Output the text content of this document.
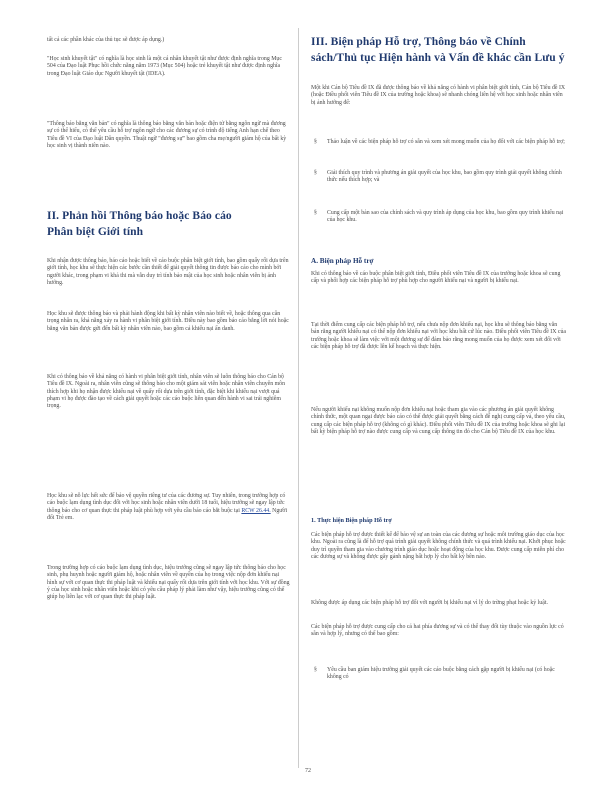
tất cả các phần khác của thủ tục sẽ được áp dụng.)

"Học sinh khuyết tật" có nghĩa là học sinh là một cá nhân khuyết tật như được định nghĩa trong Mục 504 của Đạo luật Phục hồi chức năng năm 1973 (Mục 504) hoặc trẻ khuyết tật như được định nghĩa trong Đạo luật Giáo dục Người khuyết tật (IDEA).

"Thông báo bằng văn bản" có nghĩa là thông báo bằng văn bản hoặc điện tử bằng ngôn ngữ mà đương sự có thể hiểu, có thể yêu cầu hỗ trợ ngôn ngữ cho các đương sự có trình độ tiếng Anh hạn chế theo Tiêu đề VI của Đạo luật Dân quyền. Thuật ngữ "đương sự" bao gồm cha mẹ/người giám hộ của bất kỳ học sinh vị thành niên nào.

II. Phản hồi Thông báo hoặc Báo cáo Phân biệt Giới tính

Khi nhận được thông báo, báo cáo hoặc biết về cáo buộc phân biệt giới tính, bao gồm quấy rối dựa trên giới tính, học khu sẽ thực hiện các bước cần thiết để giải quyết thông tin được báo cáo cho mình bởi người khác, trong phạm vi khả thi mà vẫn duy trì tính bảo mật của học sinh hoặc nhân viên bị ảnh hưởng.

Học khu sẽ được thông báo và phải hành động khi bất kỳ nhân viên nào biết về, hoặc thông qua cân trọng nhân ra, khả năng xảy ra hành vi phân biệt giới tính. Điều này bao gồm báo cáo bằng lời nói hoặc bằng văn bản được gửi đến bất kỳ nhân viên nào, bao gồm cả khiếu nại ẩn danh.

Khi có thông báo về khả năng có hành vi phân biệt giới tính, nhân viên sẽ luôn thông báo cho Cán bộ Tiêu đề IX. Ngoài ra, nhân viên cũng sẽ thông báo cho một giám sát viên hoặc nhân viên chuyên môn thích hợp khi họ nhận được khiếu nại về quấy rối dựa trên giới tính, đặc biệt khi khiếu nại vượt quá phạm vi họ được đào tạo về cách giải quyết hoặc các cáo buộc liên quan đến hành vi sai trái nghiêm trọng.

Học khu sẽ nỗ lực hết sức để bảo vệ quyền riêng tư của các đương sự. Tuy nhiên, trong trường hợp có cáo buộc lạm dụng tình dục đối với học sinh hoặc nhân viên dưới 18 tuổi, hiệu trưởng sẽ ngay lập tức thông báo cho cơ quan thực thi pháp luật phù hợp với yêu cầu báo cáo bắt buộc tại RCW 26.44. Người đối Trẻ em.

Trong trường hợp có cáo buộc lạm dụng tình dục, hiệu trưởng cũng sẽ ngay lập tức thông báo cho học sinh, phụ huynh hoặc người giám hộ, hoặc nhân viên về quyền của họ trong việc nộp đơn khiếu nại hình sự với cơ quan thực thi pháp luật và khiếu nại quấy rối dựa trên giới tính với học khu. Với sự đồng ý của học sinh hoặc nhân viên hoặc khi có yêu cầu pháp lý phải làm như vậy, hiệu trưởng cũng có thể giúp họ liên lạc với cơ quan thực thi pháp luật.

III. Biện pháp Hỗ trợ, Thông báo về Chính sách/Thủ tục Hiện hành và Vấn đề khác cần Lưu ý

Một khi Cán bộ Tiêu đề IX đã được thông báo về khả năng có hành vi phân biệt giới tính, Cán bộ Tiêu đề IX (hoặc Điều phối viên Tiêu đề IX của trường hoặc khoa) sẽ nhanh chóng liên hệ với học sinh hoặc nhân viên bị ảnh hưởng để:

§ Thảo luận về các biện pháp hỗ trợ có sẵn và xem xét mong muốn của họ đối với các biện pháp hỗ trợ;

§ Giải thích quy trình và phương án giải quyết của học khu, bao gồm quy trình giải quyết không chính thức nếu thích hợp; và

§ Cung cấp một bản sao của chính sách và quy trình áp dụng của học khu, bao gồm quy trình khiếu nại của học khu.

A. Biện pháp Hỗ trợ

Khi có thông báo về cáo buộc phân biệt giới tính, Điều phối viên Tiêu đề IX của trường hoặc khoa sẽ cung cấp và phối hợp các biện pháp hỗ trợ phù hợp cho người khiếu nại và người bị khiếu nại.

Tại thời điểm cung cấp các biện pháp hỗ trợ, nếu chưa nộp đơn khiếu nại, học khu sẽ thông báo bằng văn bản rằng người khiếu nại có thể nộp đơn khiếu nại với học khu bất cứ lúc nào. Điều phối viên Tiêu đề IX của trường hoặc khoa sẽ làm việc với một đương sự để đảm bảo rằng mong muốn của họ được xem xét đối với các biện pháp hỗ trợ đã được lên kế hoạch và thực hiện.

Nếu người khiếu nại không muốn nộp đơn khiếu nại hoặc tham gia vào các phương án giải quyết không chính thức, một quan ngại được báo cáo có thể được giải quyết bằng cách để nghị cung cấp và, theo yêu cầu, cung cấp các biện pháp hỗ trợ (không có gì khác). Điều phối viên Tiêu đề IX của trường hoặc khoa sẽ ghi lại bất kỳ biện pháp hỗ trợ nào được cung cấp và cung cấp thông tin đó cho Cán bộ Tiêu đề IX của học khu.

1. Thực hiện Biện pháp Hỗ trợ

Các biện pháp hỗ trợ được thiết kế để bảo vệ sự an toàn của các đương sự hoặc môi trường giáo dục của học khu. Ngoài ra cũng là để hỗ trợ quá trình giải quyết không chính thức và quá trình khiếu nại. Khởi phục hoặc duy trì quyền tham gia vào chương trình giáo dục hoặc hoạt động của học khu. Được cung cấp miễn phí cho các đương sự và không được gây gánh nặng bất hợp lý cho bất kỳ bên nào.

Không được áp dụng các biện pháp hỗ trợ đối với người bị khiếu nại vì lý do trừng phạt hoặc kỷ luật.

Các biện pháp hỗ trợ được cung cấp cho cả hai phía đương sự và có thể thay đổi tùy thuộc vào nguồn lực có sẵn và hợp lý, nhưng có thể bao gồm:

§ Yêu cầu ban giám hiệu trường giải quyết các cáo buộc bằng cách gặp người bị khiếu nại (có hoặc không có

72
